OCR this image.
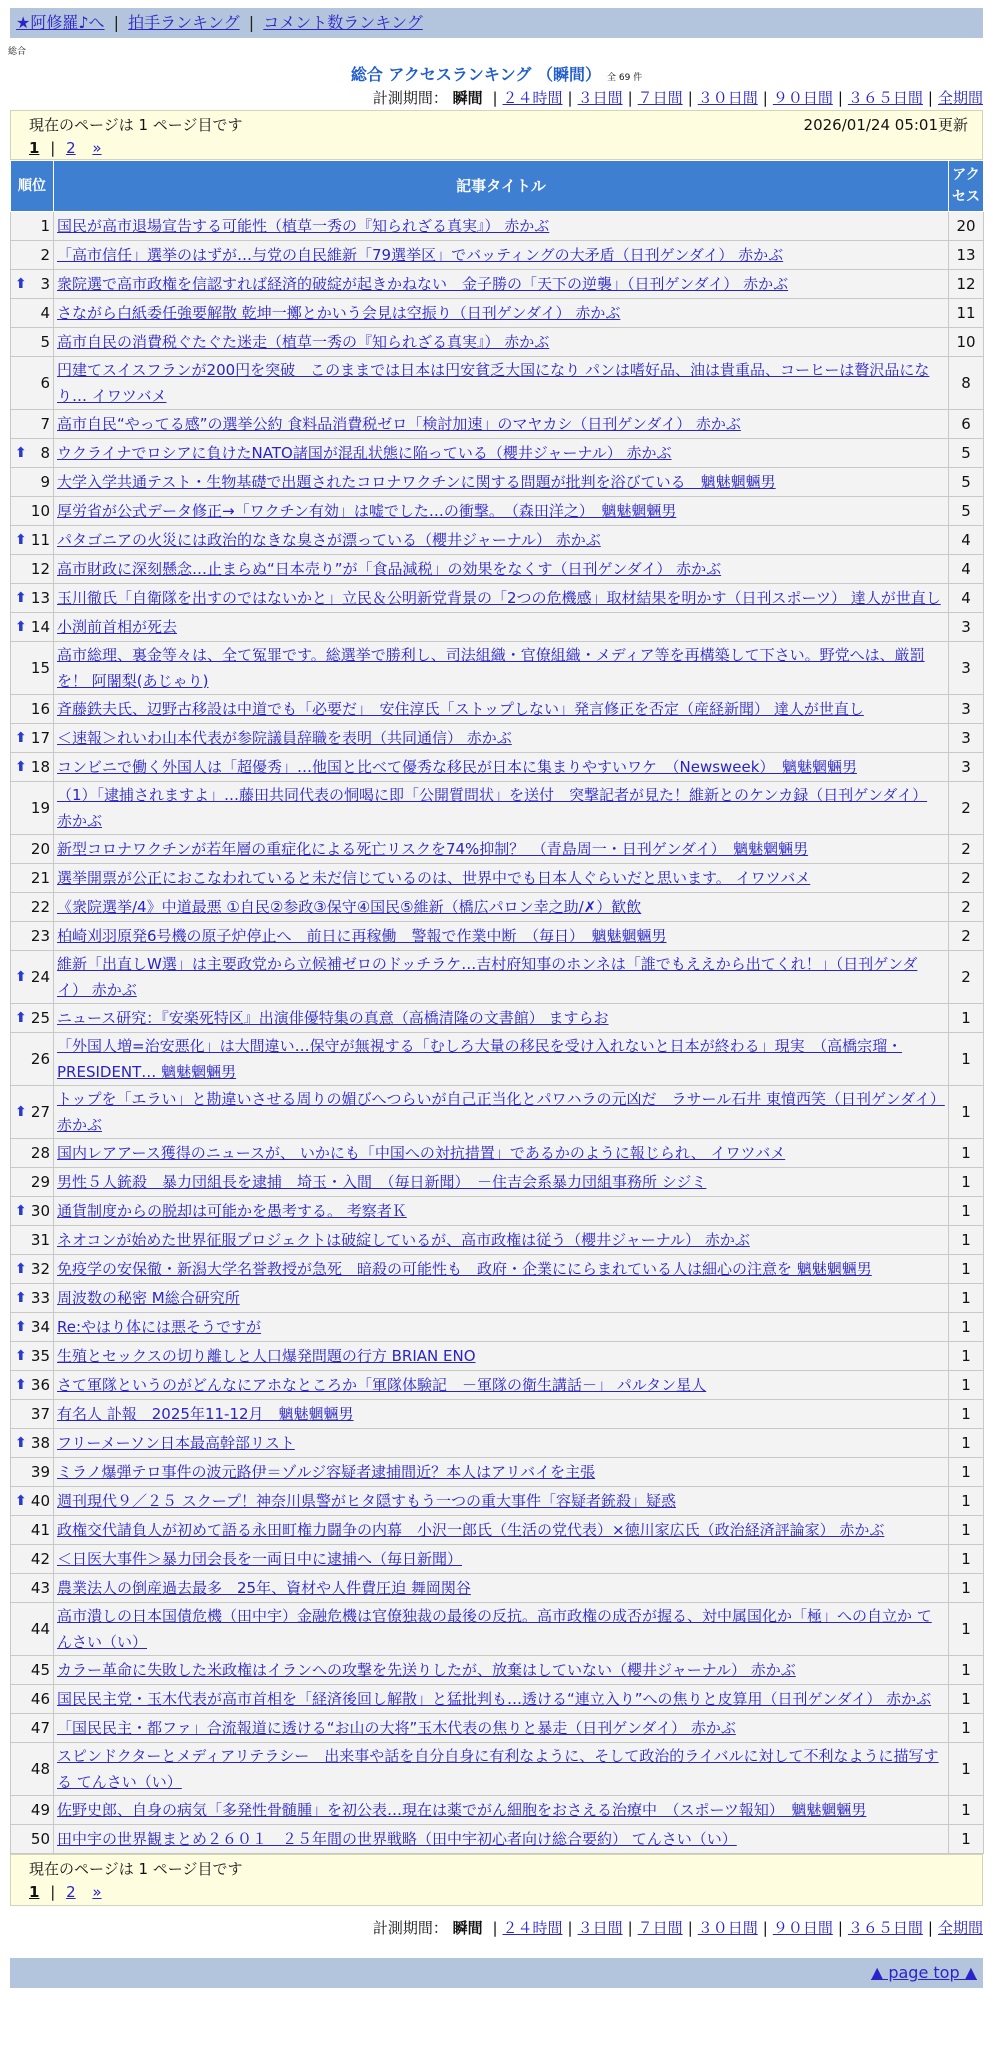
★阿修羅♪へ | 拍手ランキング | コメント数ランキング
総合
総合 アクセスランキング （瞬間） 全 69 件
計測期間： 瞬間 | ２４時間 | ３日間 | ７日間 | ３０日間 | ９０日間 | ３６５日間 | 全期間
現在のページは 1 ページ目です	2026/01/24 05:01更新
1 | 2 »
順位	記事タイトル	アクセス
1	国民が高市退場宣告する可能性（植草一秀の『知られざる真実』） 赤かぶ	20
2	「高市信任」選挙のはずが…与党の自民維新「79選挙区」でバッティングの大矛盾（日刊ゲンダイ） 赤かぶ	13

⬆ 3	衆院選で高市政権を信認すれば経済的破綻が起きかねない　金子勝の「天下の逆襲」（日刊ゲンダイ） 赤かぶ	12
4	さながら白紙委任強要解散 乾坤一擲とかいう会見は空振り（日刊ゲンダイ） 赤かぶ	11
5	高市自民の消費税ぐたぐた迷走（植草一秀の『知られざる真実』） 赤かぶ	10
6	円建てスイスフランが200円を突破　このままでは日本は円安貧乏大国になり パンは嗜好品、油は貴重品、コーヒーは贅沢品になり… イワツバメ	8
7	高市自民“やってる感”の選挙公約 食料品消費税ゼロ「検討加速」のマヤカシ（日刊ゲンダイ） 赤かぶ	6

⬆ 8	ウクライナでロシアに負けたNATO諸国が混乱状態に陥っている（櫻井ジャーナル） 赤かぶ	5
9	大学入学共通テスト・生物基礎で出題されたコロナワクチンに関する問題が批判を浴びている　魑魅魍魎男	5
10	厚労省が公式データ修正→「ワクチン有効」は嘘でした…の衝撃。　（森田洋之）　魑魅魍魎男	5

⬆ 11	パタゴニアの火災には政治的なきな臭さが漂っている（櫻井ジャーナル） 赤かぶ	4
12	高市財政に深刻懸念…止まらぬ“日本売り”が「食品減税」の効果をなくす（日刊ゲンダイ） 赤かぶ	4

⬆ 13	玉川徹氏「自衛隊を出すのではないかと」立民＆公明新党背景の「2つの危機感」取材結果を明かす（日刊スポーツ） 達人が世直し	4

⬆ 14	小渕前首相が死去	3
15	高市総理、裏金等々は、全て冤罪です。総選挙で勝利し、司法組織・官僚組織・メディア等を再構築して下さい。野党へは、厳罰を！ 阿闍梨(あじゃり)	3
16	斉藤鉄夫氏、辺野古移設は中道でも「必要だ」　安住淳氏「ストップしない」発言修正を否定（産経新聞） 達人が世直し	3

⬆ 17	＜速報＞れいわ山本代表が参院議員辞職を表明（共同通信） 赤かぶ	3

⬆ 18	コンビニで働く外国人は「超優秀」…他国と比べて優秀な移民が日本に集まりやすいワケ　（Newsweek）　魑魅魍魎男	3
19	（1）「逮捕されますよ」…藤田共同代表の恫喝に即「公開質問状」を送付　突撃記者が見た！維新とのケンカ録（日刊ゲンダイ） 赤かぶ	2
20	新型コロナワクチンが若年層の重症化による死亡リスクを74%抑制？　（青島周一・日刊ゲンダイ）　魑魅魍魎男	2
21	選挙開票が公正におこなわれていると未だ信じているのは、世界中でも日本人ぐらいだと思います。 イワツバメ	2
22	《衆院選挙/4》中道最悪 ①自民②参政③保守④国民⑤維新（橋広パロン幸之助/✗）歓飲	2
23	柏崎刈羽原発6号機の原子炉停止へ　前日に再稼働　警報で作業中断　（毎日）　魑魅魍魎男	2

⬆ 24	維新「出直しW選」は主要政党から立候補ゼロのドッチラケ…吉村府知事のホンネは「誰でもええから出てくれ！」（日刊ゲンダイ） 赤かぶ	2

⬆ 25	ニュース研究：『安楽死特区』出演俳優特集の真意（高橋清隆の文書館） ますらお	1
26	「外国人増=治安悪化」は大間違い…保守が無視する「むしろ大量の移民を受け入れないと日本が終わる」現実　（高橋宗瑠・PRESIDENT… 魑魅魍魎男	1

⬆ 27	トップを「エラい」と勘違いさせる周りの媚びへつらいが自己正当化とパワハラの元凶だ　ラサール石井 東憤西笑（日刊ゲンダイ） 赤かぶ	1
28	国内レアアース獲得のニュースが、 いかにも「中国への対抗措置」であるかのように報じられ、 イワツバメ	1
29	男性５人銃殺　暴力団組長を逮捕　埼玉・入間　（毎日新聞）　－住吉会系暴力団組事務所 シジミ	1

⬆ 30	通貨制度からの脱却は可能かを愚考する。 考察者Ｋ	1
31	ネオコンが始めた世界征服プロジェクトは破綻しているが、高市政権は従う（櫻井ジャーナル） 赤かぶ	1

⬆ 32	免疫学の安保徹・新潟大学名誉教授が急死　暗殺の可能性も　政府・企業ににらまれている人は細心の注意を 魑魅魍魎男	1

⬆ 33	周波数の秘密 M総合研究所	1

⬆ 34	Re:やはり体には悪そうですが	1

⬆ 35	生殖とセックスの切り離しと人口爆発問題の行方 BRIAN ENO	1

⬆ 36	さて軍隊というのがどんなにアホなところか「軍隊体験記　－軍隊の衛生講話－」 パルタン星人	1
37	有名人 訃報　2025年11-12月　魑魅魍魎男	1

⬆ 38	フリーメーソン日本最高幹部リスト	1
39	ミラノ爆弾テロ事件の波元路伊＝ゾルジ容疑者逮捕間近？本人はアリバイを主張	1

⬆ 40	週刊現代９／２５ スクープ！神奈川県警がヒタ隠すもう一つの重大事件「容疑者銃殺」疑惑	1
41	政権交代請負人が初めて語る永田町権力闘争の内幕　小沢一郎氏（生活の党代表）×徳川家広氏（政治経済評論家） 赤かぶ	1
42	＜日医大事件＞暴力団会長を一両日中に逮捕へ（毎日新聞）	1
43	農業法人の倒産過去最多　25年、資材や人件費圧迫 舞岡関谷	1
44	高市潰しの日本国債危機（田中宇）金融危機は官僚独裁の最後の反抗。高市政権の成否が握る、対中属国化か「極」への自立か てんさい（い）	1
45	カラー革命に失敗した米政権はイランへの攻撃を先送りしたが、放棄はしていない（櫻井ジャーナル） 赤かぶ	1
46	国民民主党・玉木代表が高市首相を「経済後回し解散」と猛批判も…透ける“連立入り”への焦りと皮算用（日刊ゲンダイ） 赤かぶ	1
47	「国民民主・都ファ」合流報道に透ける“お山の大将”玉木代表の焦りと暴走（日刊ゲンダイ） 赤かぶ	1
48	スピンドクターとメディアリテラシー　出来事や話を自分自身に有利なように、そして政治的ライバルに対して不利なように描写する てんさい（い）	1
49	佐野史郎、自身の病気「多発性骨髄腫」を初公表…現在は薬でがん細胞をおさえる治療中　（スポーツ報知）　魑魅魍魎男	1
50	田中宇の世界観まとめ２６０１　２５年間の世界戦略（田中宇初心者向け総合要約） てんさい（い）	1
現在のページは 1 ページ目です
1 | 2 »
計測期間： 瞬間 | ２４時間 | ３日間 | ７日間 | ３０日間 | ９０日間 | ３６５日間 | 全期間
▲ page top ▲
